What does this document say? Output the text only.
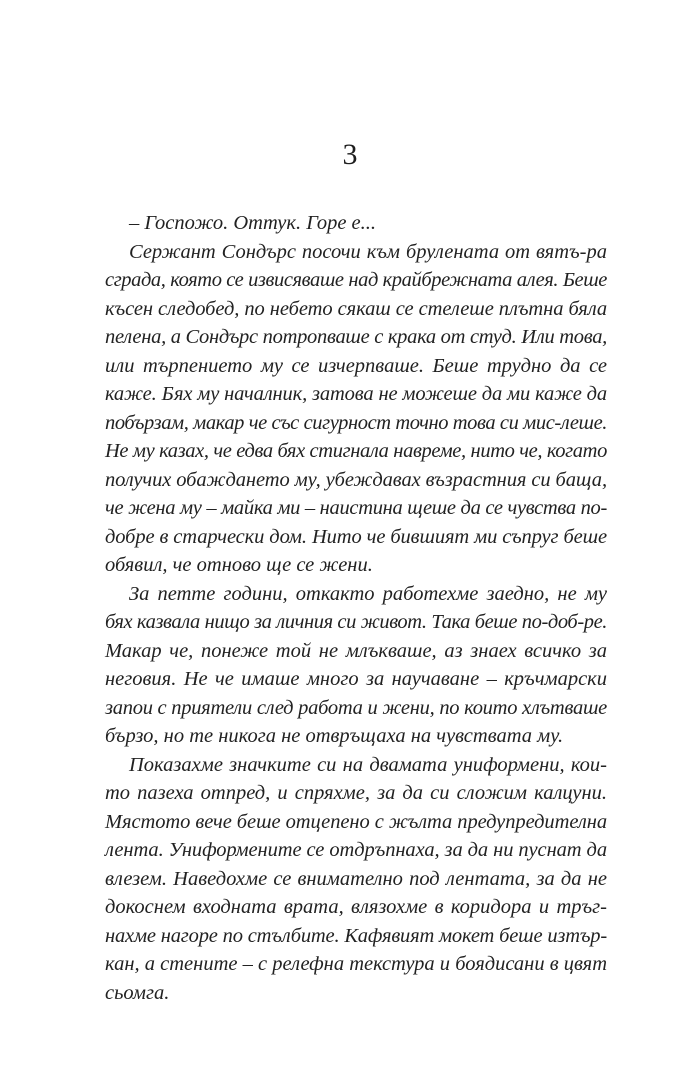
3
– Госпожо. Оттук. Горе е...
Сержант Сондърс посочи към бруленaта от вятъ-ра
сграда, която се извисяваше над крайбрежната алея. Беше
късен следобед, по небето сякаш се стелеше плътна бяла
пелена, а Сондърс потропваше с крака от студ. Или това,
или търпението му се изчерпваше. Беше трудно да се
каже. Бях му началник, затова не можеше да ми каже да
побързам, макар че със сигурност точно това си мис-леше.
Не му казах, че едва бях стигнала навреме, нито че, когато
получих обаждането му, убеждавах възрастния си баща,
че жена му – майка ми – наистина щеше да се чувства по-
добре в старчески дом. Нито че бившият ми съпруг беше
обявил, че отново ще се жени.
За петте години, откакто работехме заедно, не му
бях казвала нищо за личния си живот. Така беше по-доб-ре.
Макар че, понеже той не млъкваше, аз знаех всичко за
неговия. Не че имаше много за научаване – кръчмарски
запои с приятели след работа и жени, по които хлътваше
бързо, но те никога не отвръщаха на чувствата му.
Показахме значките си на двамата униформени, кои-
то пазеха отпред, и спряхме, за да си сложим калцуни.
Мястото вече беше отцепено с жълта предупредителна
лента. Униформените се отдръпнаха, за да ни пуснат да
влезем. Наведохме се внимателно под лентата, за да не
докоснем входната врата, влязохме в коридора и тръг-
нахме нагоре по стълбите. Кафявият мокет беше изтър-
кан, а стените – с релефна текстура и боядисани в цвят
сьомга.
